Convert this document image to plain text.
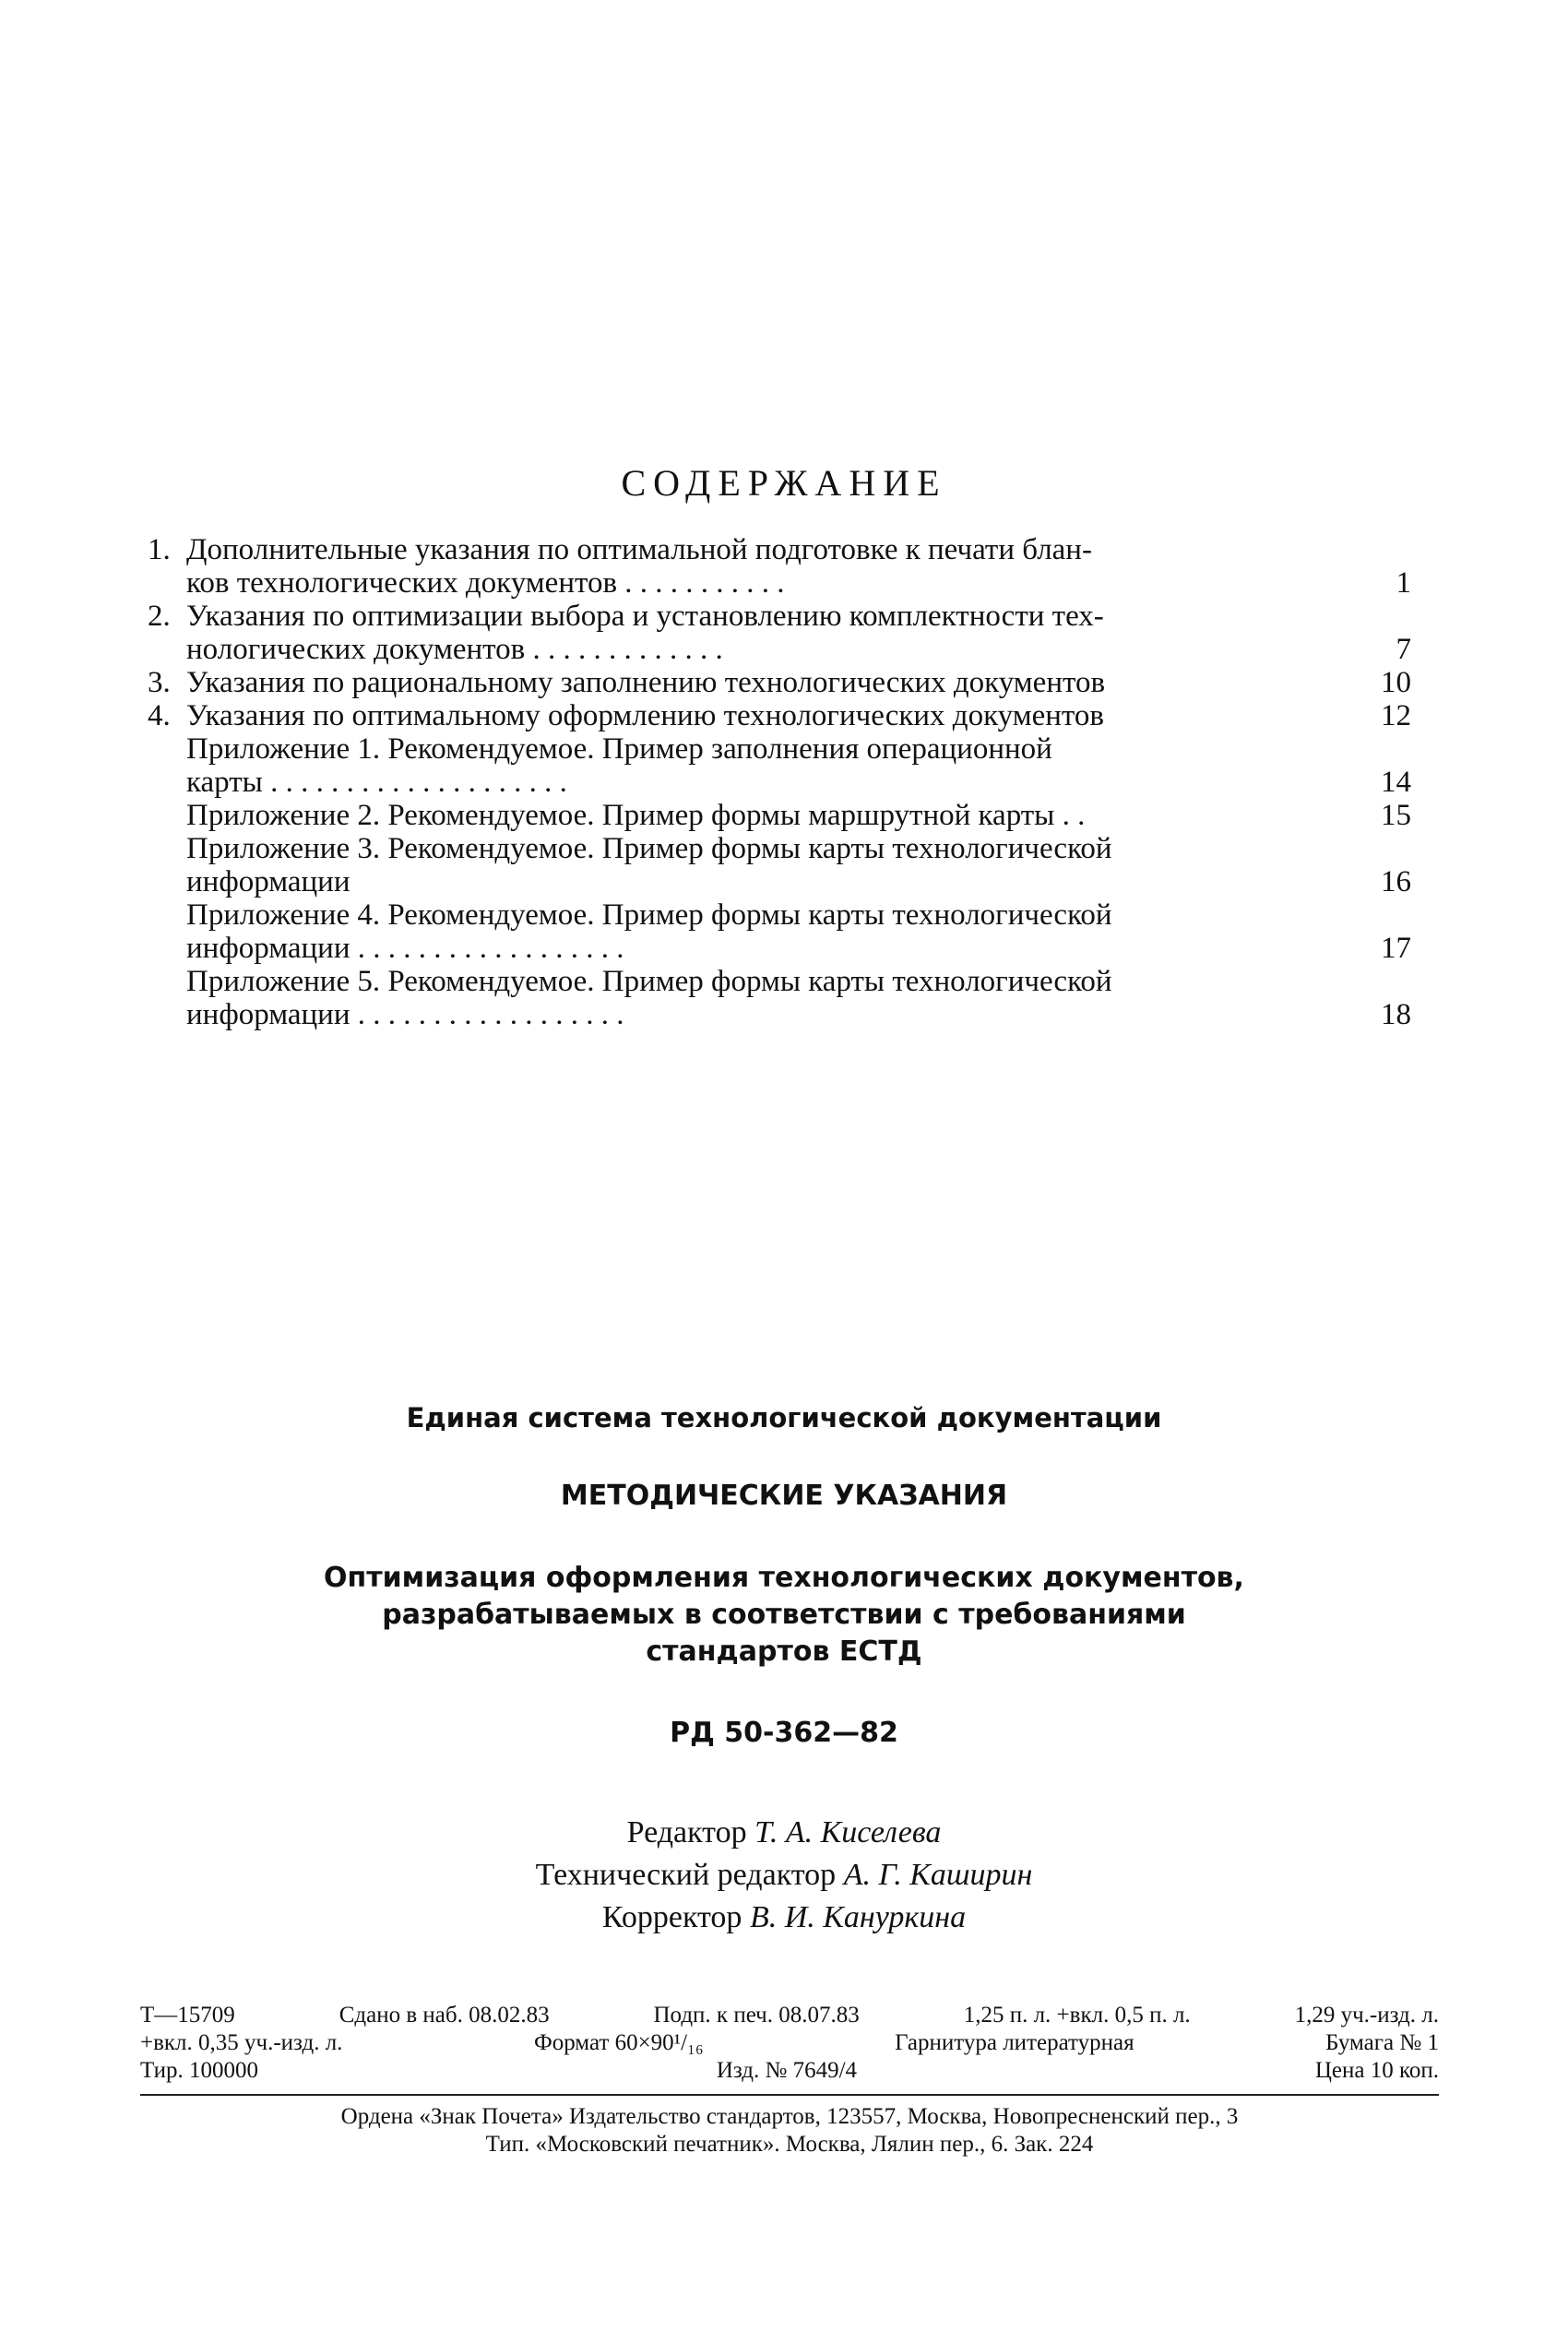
СОДЕРЖАНИЕ
1. Дополнительные указания по оптимальной подготовке к печати блан-
ков технологических документов . . . . . . . . . . .	1
2. Указания по оптимизации выбора и установлению комплектности тех-
нологических документов . . . . . . . . . . . . .	7
3. Указания по рациональному заполнению технологических документов	10
4. Указания по оптимальному оформлению технологических документов	12
Приложение 1. Рекомендуемое. Пример заполнения операционной
карты . . . . . . . . . . . . . . . . . . . .	14
Приложение 2. Рекомендуемое. Пример формы маршрутной карты . .	15
Приложение 3. Рекомендуемое. Пример формы карты технологической
информации	16
Приложение 4. Рекомендуемое. Пример формы карты технологической
информации . . . . . . . . . . . . . . . . . .	17
Приложение 5. Рекомендуемое. Пример формы карты технологической
информации . . . . . . . . . . . . . . . . . .	18
Единая система технологической документации
МЕТОДИЧЕСКИЕ УКАЗАНИЯ
Оптимизация оформления технологических документов,
разрабатываемых в соответствии с требованиями
стандартов ЕСТД
РД 50-362—82
Редактор Т. А. Киселева
Технический редактор А. Г. Каширин
Корректор В. И. Кануркина
Т—15709	Сдано в наб. 08.02.83	Подп. к печ. 08.07.83	1,25 п. л. +вкл. 0,5 п. л.	1,29 уч.-изд. л.
+вкл. 0,35 уч.-изд. л.	Формат 60×90¹/₁₆	Гарнитура литературная	Бумага № 1
Тир. 100000	Изд. № 7649/4	Цена 10 коп.
Ордена «Знак Почета» Издательство стандартов, 123557, Москва, Новопресненский пер., 3
Тип. «Московский печатник». Москва, Лялин пер., 6. Зак. 224
